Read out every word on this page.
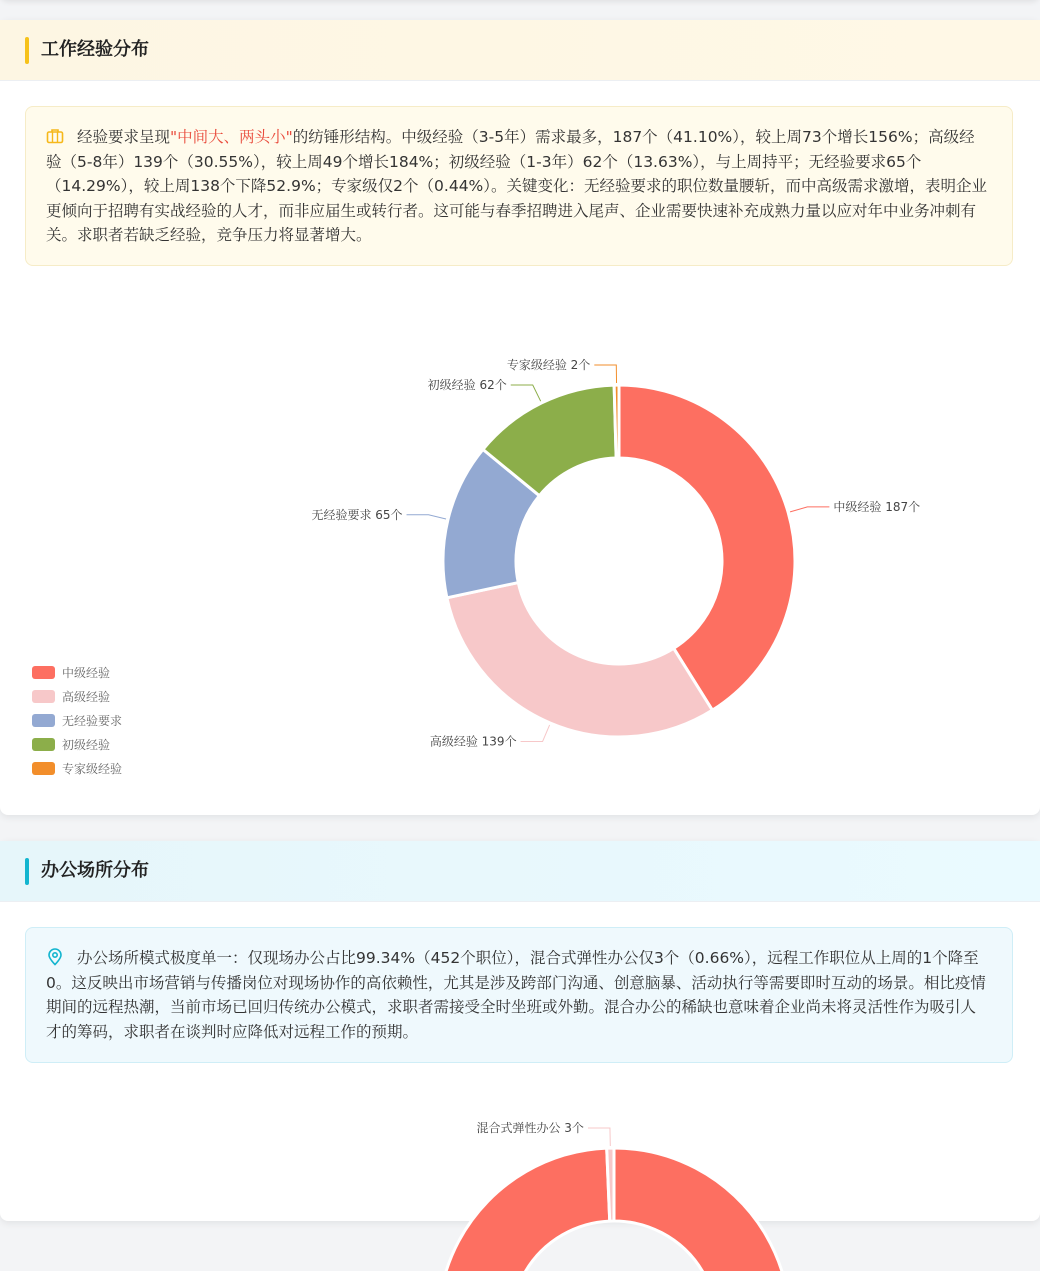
工作经验分布
经验要求呈现"中间大、两头小"的纺锤形结构。中级经验（3-5年）需求最多，187个（41.10%），较上周73个增长156%；高级经验（5-8年）139个（30.55%），较上周49个增长184%；初级经验（1-3年）62个（13.63%），与上周持平；无经验要求65个（14.29%），较上周138个下降52.9%；专家级仅2个（0.44%）。关键变化：无经验要求的职位数量腰斩，而中高级需求激增，表明企业更倾向于招聘有实战经验的人才，而非应届生或转行者。这可能与春季招聘进入尾声、企业需要快速补充成熟力量以应对年中业务冲刺有关。求职者若缺乏经验，竞争压力将显著增大。
中级经验 187个
高级经验 139个
无经验要求 65个
初级经验 62个
专家级经验 2个
中级经验
高级经验
无经验要求
初级经验
专家级经验
办公场所分布
办公场所模式极度单一：仅现场办公占比99.34%（452个职位），混合式弹性办公仅3个（0.66%），远程工作职位从上周的1个降至0。这反映出市场营销与传播岗位对现场协作的高依赖性，尤其是涉及跨部门沟通、创意脑暴、活动执行等需要即时互动的场景。相比疫情期间的远程热潮，当前市场已回归传统办公模式，求职者需接受全时坐班或外勤。混合办公的稀缺也意味着企业尚未将灵活性作为吸引人才的筹码，求职者在谈判时应降低对远程工作的预期。
混合式弹性办公 3个
